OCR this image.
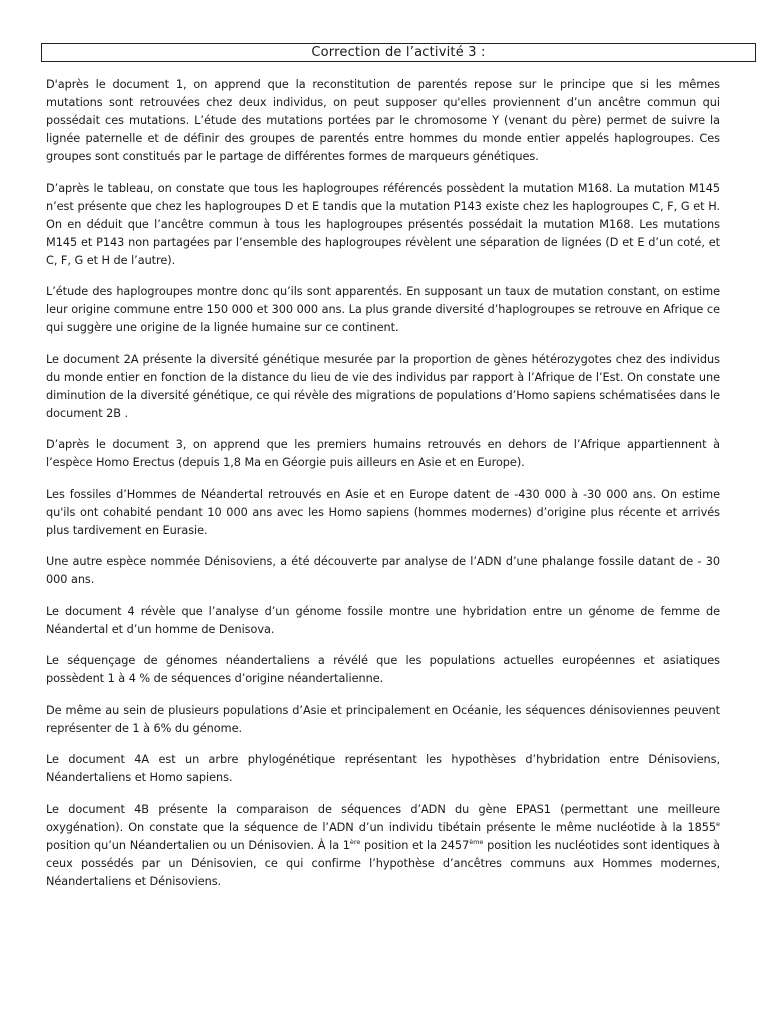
Correction de l’activité 3 :

D'après le document 1, on apprend que la reconstitution de parentés repose sur le principe que si les mêmes mutations sont retrouvées chez deux individus, on peut supposer qu'elles proviennent d’un ancêtre commun qui possédait ces mutations. L’étude des mutations portées par le chromosome Y (venant du père) permet de suivre la lignée paternelle et de définir des groupes de parentés entre hommes du monde entier appelés haplogroupes. Ces groupes sont constitués par le partage de différentes formes de marqueurs génétiques.

D’après le tableau, on constate que tous les haplogroupes référencés possèdent la mutation M168. La mutation M145 n’est présente que chez les haplogroupes D et E tandis que la mutation P143 existe chez les haplogroupes C, F, G et H. On en déduit que l’ancêtre commun à tous les haplogroupes présentés possédait la mutation M168. Les mutations M145 et P143 non partagées par l’ensemble des haplogroupes révèlent une séparation de lignées (D et E d’un coté, et C, F, G et H de l’autre).

L’étude des haplogroupes montre donc qu’ils sont apparentés. En supposant un taux de mutation constant, on estime leur origine commune entre 150 000 et 300 000 ans. La plus grande diversité d’haplogroupes se retrouve en Afrique ce qui suggère une origine de la lignée humaine sur ce continent.

Le document 2A présente la diversité génétique mesurée par la proportion de gènes hétérozygotes chez des individus du monde entier en fonction de la distance du lieu de vie des individus par rapport à l’Afrique de l’Est. On constate une diminution de la diversité génétique, ce qui révèle des migrations de populations d’Homo sapiens schématisées dans le document 2B .

D’après le document 3, on apprend que les premiers humains retrouvés en dehors de l’Afrique appartiennent à l’espèce Homo Erectus (depuis 1,8 Ma en Géorgie puis ailleurs en Asie et en Europe).

Les fossiles d’Hommes de Néandertal retrouvés en Asie et en Europe datent de -430 000 à -30 000 ans. On estime qu'ils ont cohabité pendant 10 000 ans avec les Homo sapiens (hommes modernes) d’origine plus récente et arrivés plus tardivement en Eurasie.

Une autre espèce nommée Dénisoviens, a été découverte par analyse de l’ADN d’une phalange fossile datant de - 30 000 ans.

Le document 4 révèle que l’analyse d’un génome fossile montre une hybridation entre un génome de femme de Néandertal et d’un homme de Denisova.

Le séquençage de génomes néandertaliens a révélé que les populations actuelles européennes et asiatiques possèdent 1 à 4 % de séquences d’origine néandertalienne.

De même au sein de plusieurs populations d’Asie et principalement en Océanie, les séquences dénisoviennes peuvent représenter de 1 à 6% du génome.

Le document 4A est un arbre phylogénétique représentant les hypothèses d’hybridation entre Dénisoviens, Néandertaliens et Homo sapiens.

Le document 4B présente la comparaison de séquences d’ADN du gène EPAS1 (permettant une meilleure oxygénation). On constate que la séquence de l’ADN d’un individu tibétain présente le même nucléotide à la 1855e position qu’un Néandertalien ou un Dénisovien. À la 1ère position et la 2457ème position les nucléotides sont identiques à ceux possédés par un Dénisovien, ce qui confirme l’hypothèse d’ancêtres communs aux Hommes modernes, Néandertaliens et Dénisoviens.
